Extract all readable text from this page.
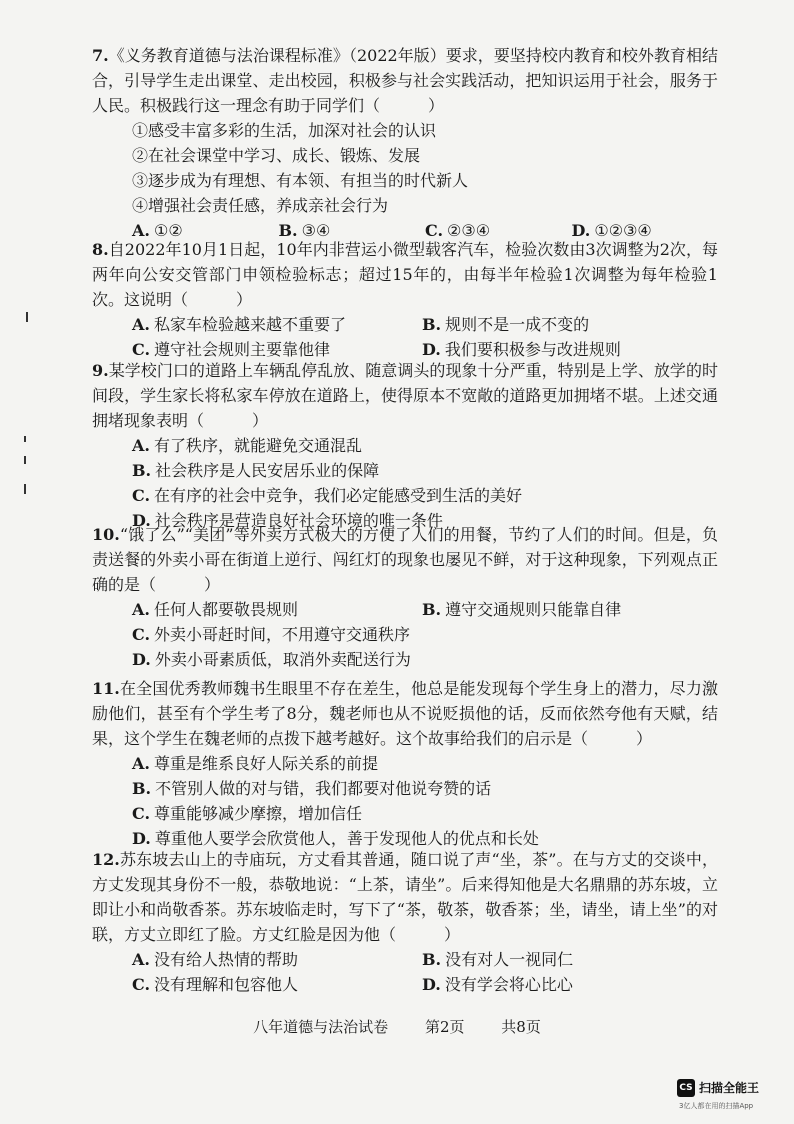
7.《义务教育道德与法治课程标准》（2022年版）要求，要坚持校内教育和校外教育相结合，引导学生走出课堂、走出校园，积极参与社会实践活动，把知识运用于社会，服务于人民。积极践行这一理念有助于同学们（　　　）

①感受丰富多彩的生活，加深对社会的认识

②在社会课堂中学习、成长、锻炼、发展

③逐步成为有理想、有本领、有担当的时代新人

④增强社会责任感，养成亲社会行为

A. ①②	B. ③④	C. ②③④	D. ①②③④

8.自2022年10月1日起，10年内非营运小微型载客汽车，检验次数由3次调整为2次，每两年向公安交管部门申领检验标志；超过15年的，由每半年检验1次调整为每年检验1次。这说明（　　　）

A. 私家车检验越来越不重要了	B. 规则不是一成不变的
C. 遵守社会规则主要靠他律	D. 我们要积极参与改进规则

9.某学校门口的道路上车辆乱停乱放、随意调头的现象十分严重，特别是上学、放学的时间段，学生家长将私家车停放在道路上，使得原本不宽敞的道路更加拥堵不堪。上述交通拥堵现象表明（　　　）

A. 有了秩序，就能避免交通混乱

B. 社会秩序是人民安居乐业的保障

C. 在有序的社会中竞争，我们必定能感受到生活的美好

D. 社会秩序是营造良好社会环境的唯一条件

10.“饿了么”“美团”等外卖方式极大的方便了人们的用餐，节约了人们的时间。但是，负责送餐的外卖小哥在街道上逆行、闯红灯的现象也屡见不鲜，对于这种现象，下列观点正确的是（　　　）

A. 任何人都要敬畏规则	B. 遵守交通规则只能靠自律

C. 外卖小哥赶时间，不用遵守交通秩序

D. 外卖小哥素质低，取消外卖配送行为

11.在全国优秀教师魏书生眼里不存在差生，他总是能发现每个学生身上的潜力，尽力激励他们，甚至有个学生考了8分，魏老师也从不说贬损他的话，反而依然夸他有天赋，结果，这个学生在魏老师的点拨下越考越好。这个故事给我们的启示是（　　　）

A. 尊重是维系良好人际关系的前提

B. 不管别人做的对与错，我们都要对他说夸赞的话

C. 尊重能够减少摩擦，增加信任

D. 尊重他人要学会欣赏他人，善于发现他人的优点和长处

12.苏东坡去山上的寺庙玩，方丈看其普通，随口说了声“坐，茶”。在与方丈的交谈中，方丈发现其身份不一般，恭敬地说：“上茶，请坐”。后来得知他是大名鼎鼎的苏东坡，立即让小和尚敬香茶。苏东坡临走时，写下了“茶，敬茶，敬香茶；坐，请坐，请上坐”的对联，方丈立即红了脸。方丈红脸是因为他（　　　）

A. 没有给人热情的帮助	B. 没有对人一视同仁
C. 没有理解和包容他人	D. 没有学会将心比心
八年道德与法治试卷 第2页 共8页
CS 扫描全能王
3亿人都在用的扫描App
